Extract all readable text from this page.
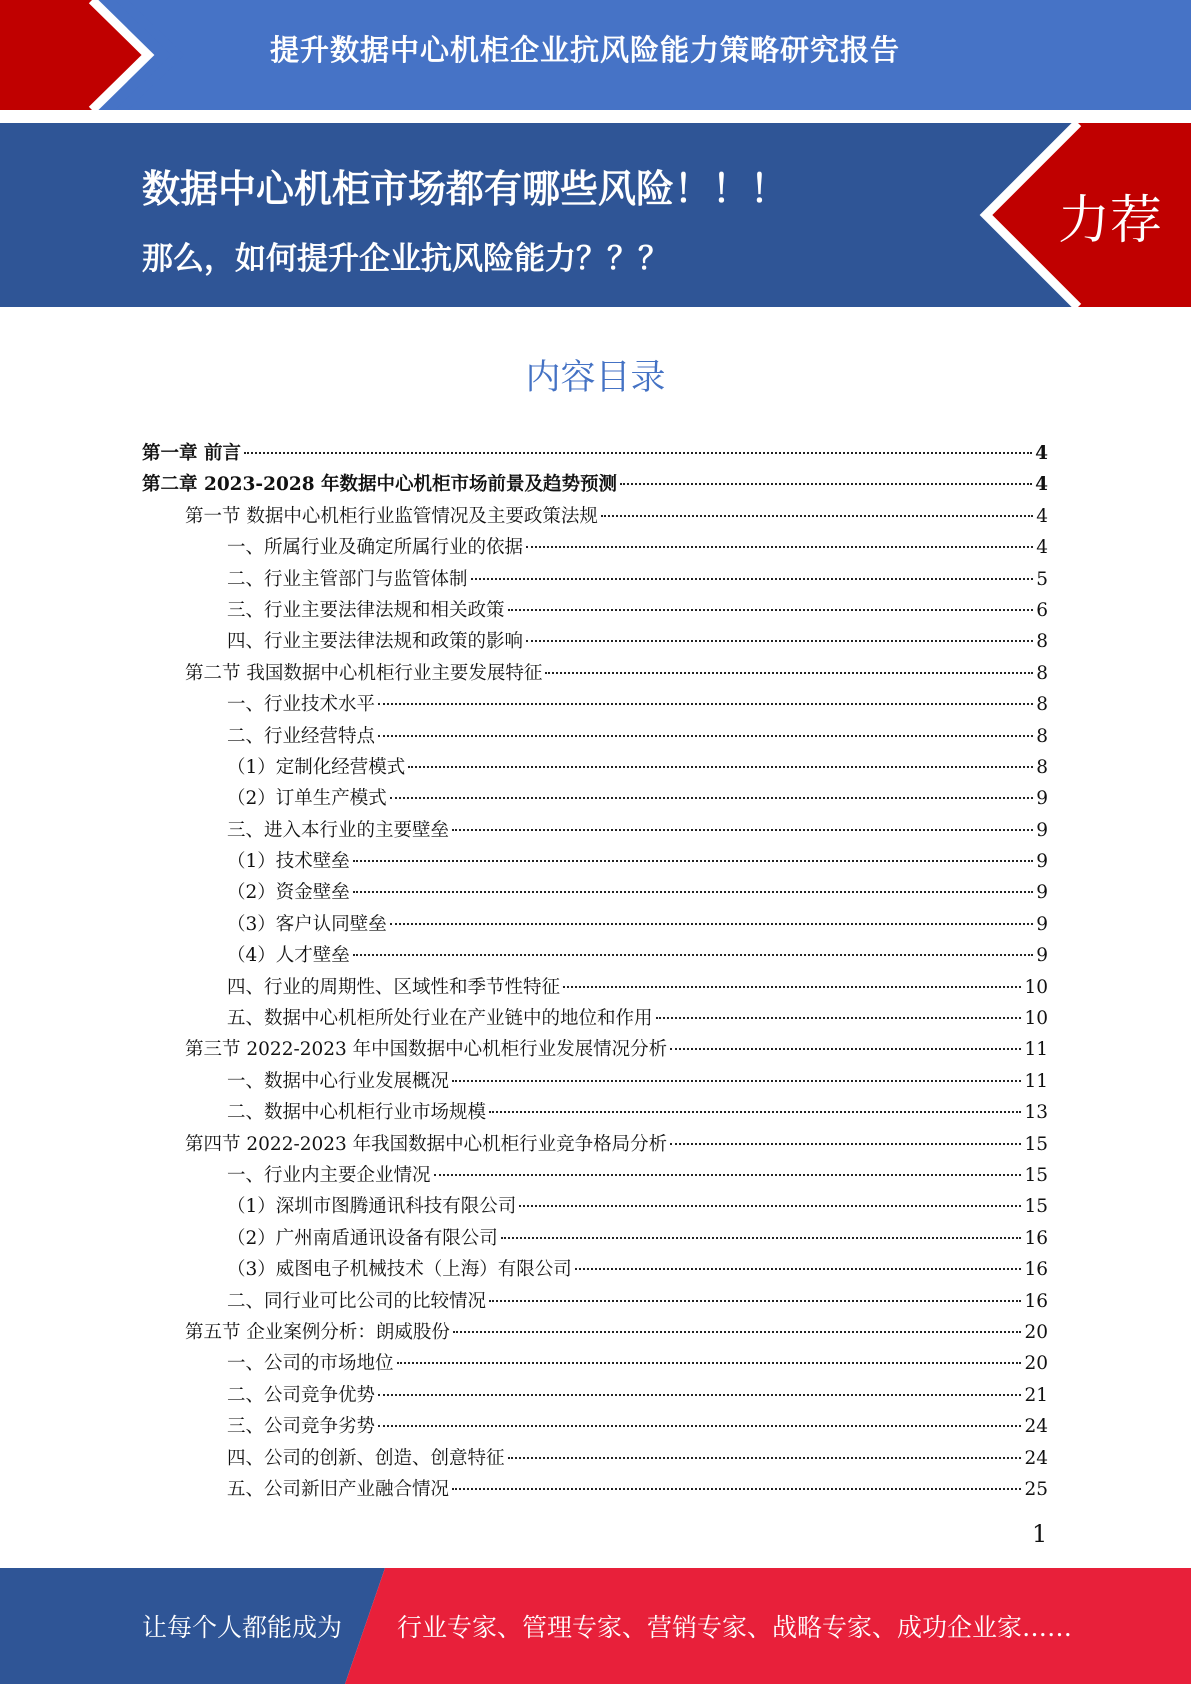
提升数据中心机柜企业抗风险能力策略研究报告
数据中心机柜市场都有哪些风险！！！
那么，如何提升企业抗风险能力？？？
力荐
内容目录
第一章 前言	4
第二章 2023-2028 年数据中心机柜市场前景及趋势预测	4
第一节 数据中心机柜行业监管情况及主要政策法规	4
一、所属行业及确定所属行业的依据	4
二、行业主管部门与监管体制	5
三、行业主要法律法规和相关政策	6
四、行业主要法律法规和政策的影响	8
第二节 我国数据中心机柜行业主要发展特征	8
一、行业技术水平	8
二、行业经营特点	8
（1）定制化经营模式	8
（2）订单生产模式	9
三、进入本行业的主要壁垒	9
（1）技术壁垒	9
（2）资金壁垒	9
（3）客户认同壁垒	9
（4）人才壁垒	9
四、行业的周期性、区域性和季节性特征	10
五、数据中心机柜所处行业在产业链中的地位和作用	10
第三节 2022-2023 年中国数据中心机柜行业发展情况分析	11
一、数据中心行业发展概况	11
二、数据中心机柜行业市场规模	13
第四节 2022-2023 年我国数据中心机柜行业竞争格局分析	15
一、行业内主要企业情况	15
（1）深圳市图腾通讯科技有限公司	15
（2）广州南盾通讯设备有限公司	16
（3）威图电子机械技术（上海）有限公司	16
二、同行业可比公司的比较情况	16
第五节 企业案例分析：朗威股份	20
一、公司的市场地位	20
二、公司竞争优势	21
三、公司竞争劣势	24
四、公司的创新、创造、创意特征	24
五、公司新旧产业融合情况	25
1
让每个人都能成为 行业专家、管理专家、营销专家、战略专家、成功企业家……
